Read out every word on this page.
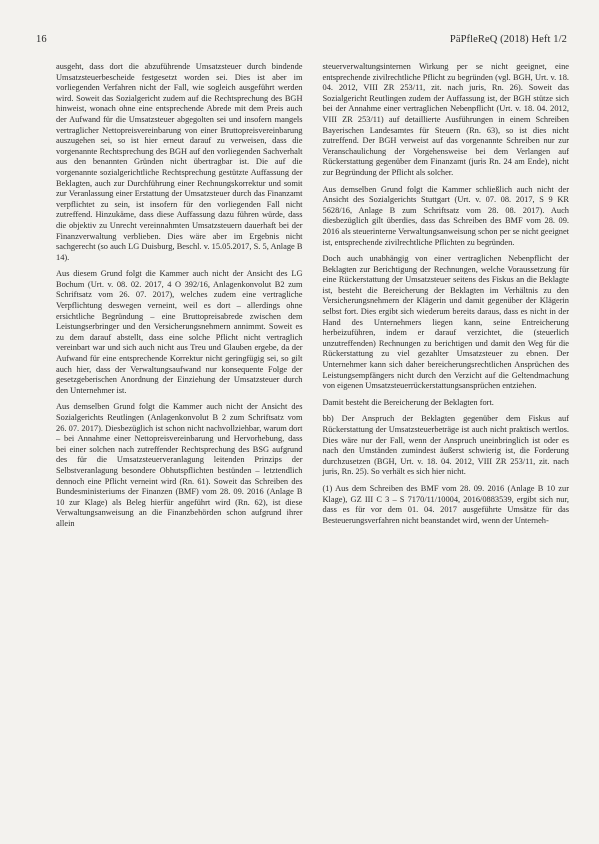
16	PäPfleReQ (2018) Heft 1/2

ausgeht, dass dort die abzuführende Umsatzsteuer durch bindende Umsatzsteuerbescheide festgesetzt worden sei. Dies ist aber im vorliegenden Verfahren nicht der Fall, wie sogleich ausgeführt werden wird. Soweit das Sozialgericht zudem auf die Rechtsprechung des BGH hinweist, wonach ohne eine entsprechende Abrede mit dem Preis auch der Aufwand für die Umsatzsteuer abgegolten sei und insofern mangels vertraglicher Nettopreisvereinbarung von einer Bruttopreisvereinbarung auszugehen sei, so ist hier erneut darauf zu verweisen, dass die vorgenannte Rechtsprechung des BGH auf den vorliegenden Sachverhalt aus den benannten Gründen nicht übertragbar ist. Die auf die vorgenannte sozialgerichtliche Rechtsprechung gestützte Auffassung der Beklagten, auch zur Durchführung einer Rechnungskorrektur und somit zur Veranlassung einer Erstattung der Umsatzsteuer durch das Finanzamt verpflichtet zu sein, ist insofern für den vorliegenden Fall nicht zutreffend. Hinzukäme, dass diese Auffassung dazu führen würde, dass die objektiv zu Unrecht vereinnahmten Umsatzsteuern dauerhaft bei der Finanzverwaltung verblieben. Dies wäre aber im Ergebnis nicht sachgerecht (so auch LG Duisburg, Beschl. v. 15.05.2017, S. 5, Anlage B 14).

Aus diesem Grund folgt die Kammer auch nicht der Ansicht des LG Bochum (Urt. v. 08. 02. 2017, 4 O 392/16, Anlagenkonvolut B2 zum Schriftsatz vom 26. 07. 2017), welches zudem eine vertragliche Verpflichtung deswegen verneint, weil es dort – allerdings ohne ersichtliche Begründung – eine Bruttopreisabrede zwischen dem Leistungserbringer und den Versicherungsnehmern annimmt. Soweit es zu dem darauf abstellt, dass eine solche Pflicht nicht vertraglich vereinbart war und sich auch nicht aus Treu und Glauben ergebe, da der Aufwand für eine entsprechende Korrektur nicht geringfügig sei, so gilt auch hier, dass der Verwaltungsaufwand nur konsequente Folge der gesetzgeberischen Anordnung der Einziehung der Umsatzsteuer durch den Unternehmer ist.

Aus demselben Grund folgt die Kammer auch nicht der Ansicht des Sozialgerichts Reutlingen (Anlagenkonvolut B 2 zum Schriftsatz vom 26. 07. 2017). Diesbezüglich ist schon nicht nachvollziehbar, warum dort – bei Annahme einer Nettopreisvereinbarung und Hervorhebung, dass bei einer solchen nach zutreffender Rechtsprechung des BSG aufgrund des für die Umsatzsteuerveranlagung leitenden Prinzips der Selbstveranlagung besondere Obhutspflichten bestünden – letztendlich dennoch eine Pflicht verneint wird (Rn. 61). Soweit das Schreiben des Bundesministeriums der Finanzen (BMF) vom 28. 09. 2016 (Anlage B 10 zur Klage) als Beleg hierfür angeführt wird (Rn. 62), ist diese Verwaltungsanweisung an die Finanzbehörden schon aufgrund ihrer allein

steuerverwaltungsinternen Wirkung per se nicht geeignet, eine entsprechende zivilrechtliche Pflicht zu begründen (vgl. BGH, Urt. v. 18. 04. 2012, VIII ZR 253/11, zit. nach juris, Rn. 26). Soweit das Sozialgericht Reutlingen zudem der Auffassung ist, der BGH stütze sich bei der Annahme einer vertraglichen Nebenpflicht (Urt. v. 18. 04. 2012, VIII ZR 253/11) auf detaillierte Ausführungen in einem Schreiben Bayerischen Landesamtes für Steuern (Rn. 63), so ist dies nicht zutreffend. Der BGH verweist auf das vorgenannte Schreiben nur zur Veranschaulichung der Vorgehensweise bei dem Verlangen auf Rückerstattung gegenüber dem Finanzamt (juris Rn. 24 am Ende), nicht zur Begründung der Pflicht als solcher.

Aus demselben Grund folgt die Kammer schließlich auch nicht der Ansicht des Sozialgerichts Stuttgart (Urt. v. 07. 08. 2017, S 9 KR 5628/16, Anlage B zum Schriftsatz vom 28. 08. 2017). Auch diesbezüglich gilt überdies, dass das Schreiben des BMF vom 28. 09. 2016 als steuerinterne Verwaltungsanweisung schon per se nicht geeignet ist, entsprechende zivilrechtliche Pflichten zu begründen.

Doch auch unabhängig von einer vertraglichen Nebenpflicht der Beklagten zur Berichtigung der Rechnungen, welche Voraussetzung für eine Rückerstattung der Umsatzsteuer seitens des Fiskus an die Beklagte ist, besteht die Bereicherung der Beklagten im Verhältnis zu den Versicherungsnehmern der Klägerin und damit gegenüber der Klägerin selbst fort. Dies ergibt sich wiederum bereits daraus, dass es nicht in der Hand des Unternehmers liegen kann, seine Entreicherung herbeizuführen, indem er darauf verzichtet, die (steuerlich unzutreffenden) Rechnungen zu berichtigen und damit den Weg für die Rückerstattung zu viel gezahlter Umsatzsteuer zu ebnen. Der Unternehmer kann sich daher bereicherungsrechtlichen Ansprüchen des Leistungsempfängers nicht durch den Verzicht auf die Geltendmachung von eigenen Umsatzsteuerrückerstattungsansprüchen entziehen.

Damit besteht die Bereicherung der Beklagten fort.

bb) Der Anspruch der Beklagten gegenüber dem Fiskus auf Rückerstattung der Umsatzsteuerbeträge ist auch nicht praktisch wertlos. Dies wäre nur der Fall, wenn der Anspruch uneinbringlich ist oder es nach den Umständen zumindest äußerst schwierig ist, die Forderung durchzusetzen (BGH, Urt. v. 18. 04. 2012, VIII ZR 253/11, zit. nach juris, Rn. 25). So verhält es sich hier nicht.

(1) Aus dem Schreiben des BMF vom 28. 09. 2016 (Anlage B 10 zur Klage), GZ III C 3 – S 7170/11/10004, 2016/0883539, ergibt sich nur, dass es für vor dem 01. 04. 2017 ausgeführte Umsätze für das Besteuerungsverfahren nicht beanstandet wird, wenn der Unterneh-
